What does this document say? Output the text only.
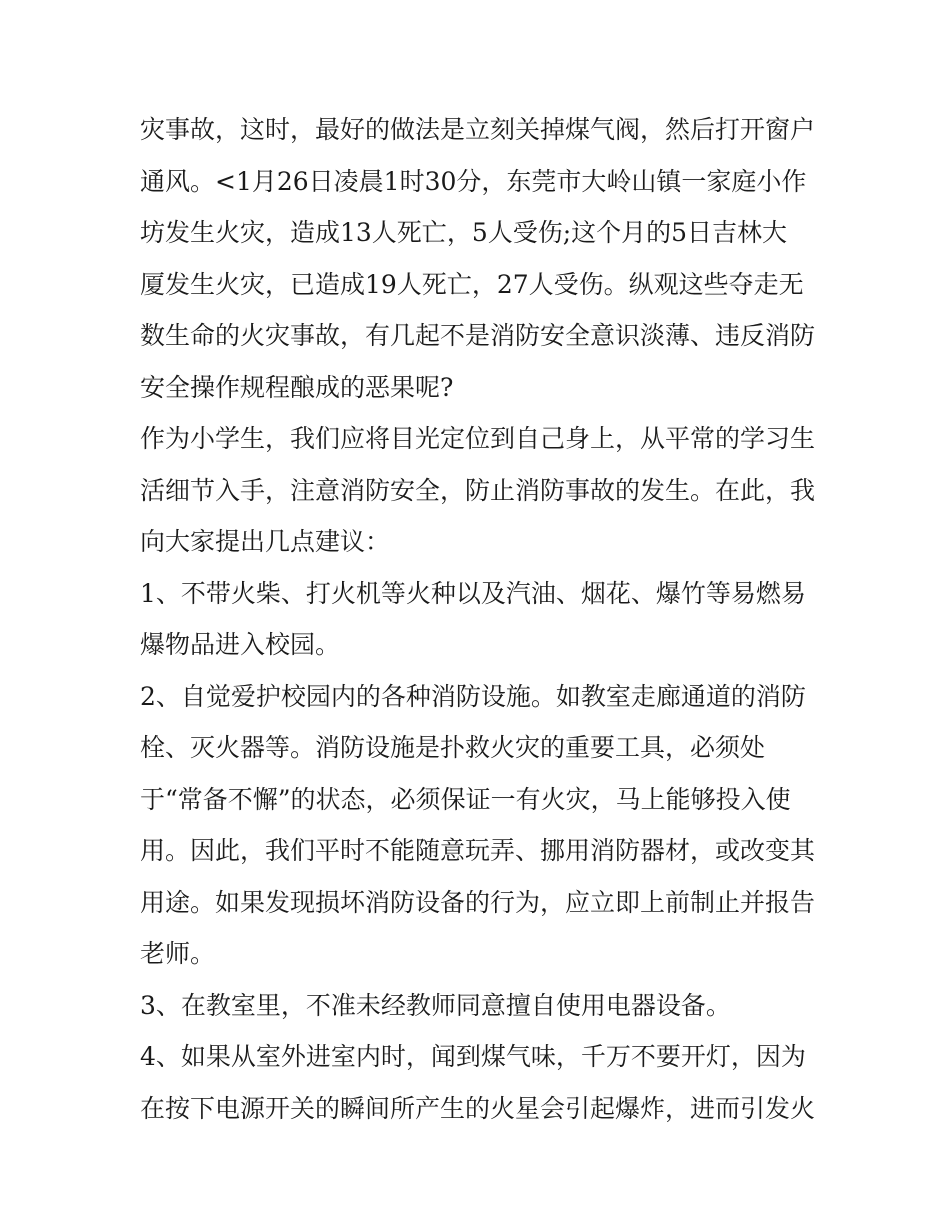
灾事故，这时，最好的做法是立刻关掉煤气阀，然后打开窗户
通风。<1月26日凌晨1时30分，东莞市大岭山镇一家庭小作
坊发生火灾，造成13人死亡，5人受伤;这个月的5日吉林大
厦发生火灾，已造成19人死亡，27人受伤。纵观这些夺走无
数生命的火灾事故，有几起不是消防安全意识淡薄、违反消防
安全操作规程酿成的恶果呢?
作为小学生，我们应将目光定位到自己身上，从平常的学习生
活细节入手，注意消防安全，防止消防事故的发生。在此，我
向大家提出几点建议：
1、不带火柴、打火机等火种以及汽油、烟花、爆竹等易燃易
爆物品进入校园。
2、自觉爱护校园内的各种消防设施。如教室走廊通道的消防
栓、灭火器等。消防设施是扑救火灾的重要工具，必须处
于“常备不懈”的状态，必须保证一有火灾，马上能够投入使
用。因此，我们平时不能随意玩弄、挪用消防器材，或改变其
用途。如果发现损坏消防设备的行为，应立即上前制止并报告
老师。
3、在教室里，不准未经教师同意擅自使用电器设备。
4、如果从室外进室内时，闻到煤气味，千万不要开灯，因为
在按下电源开关的瞬间所产生的火星会引起爆炸，进而引发火
